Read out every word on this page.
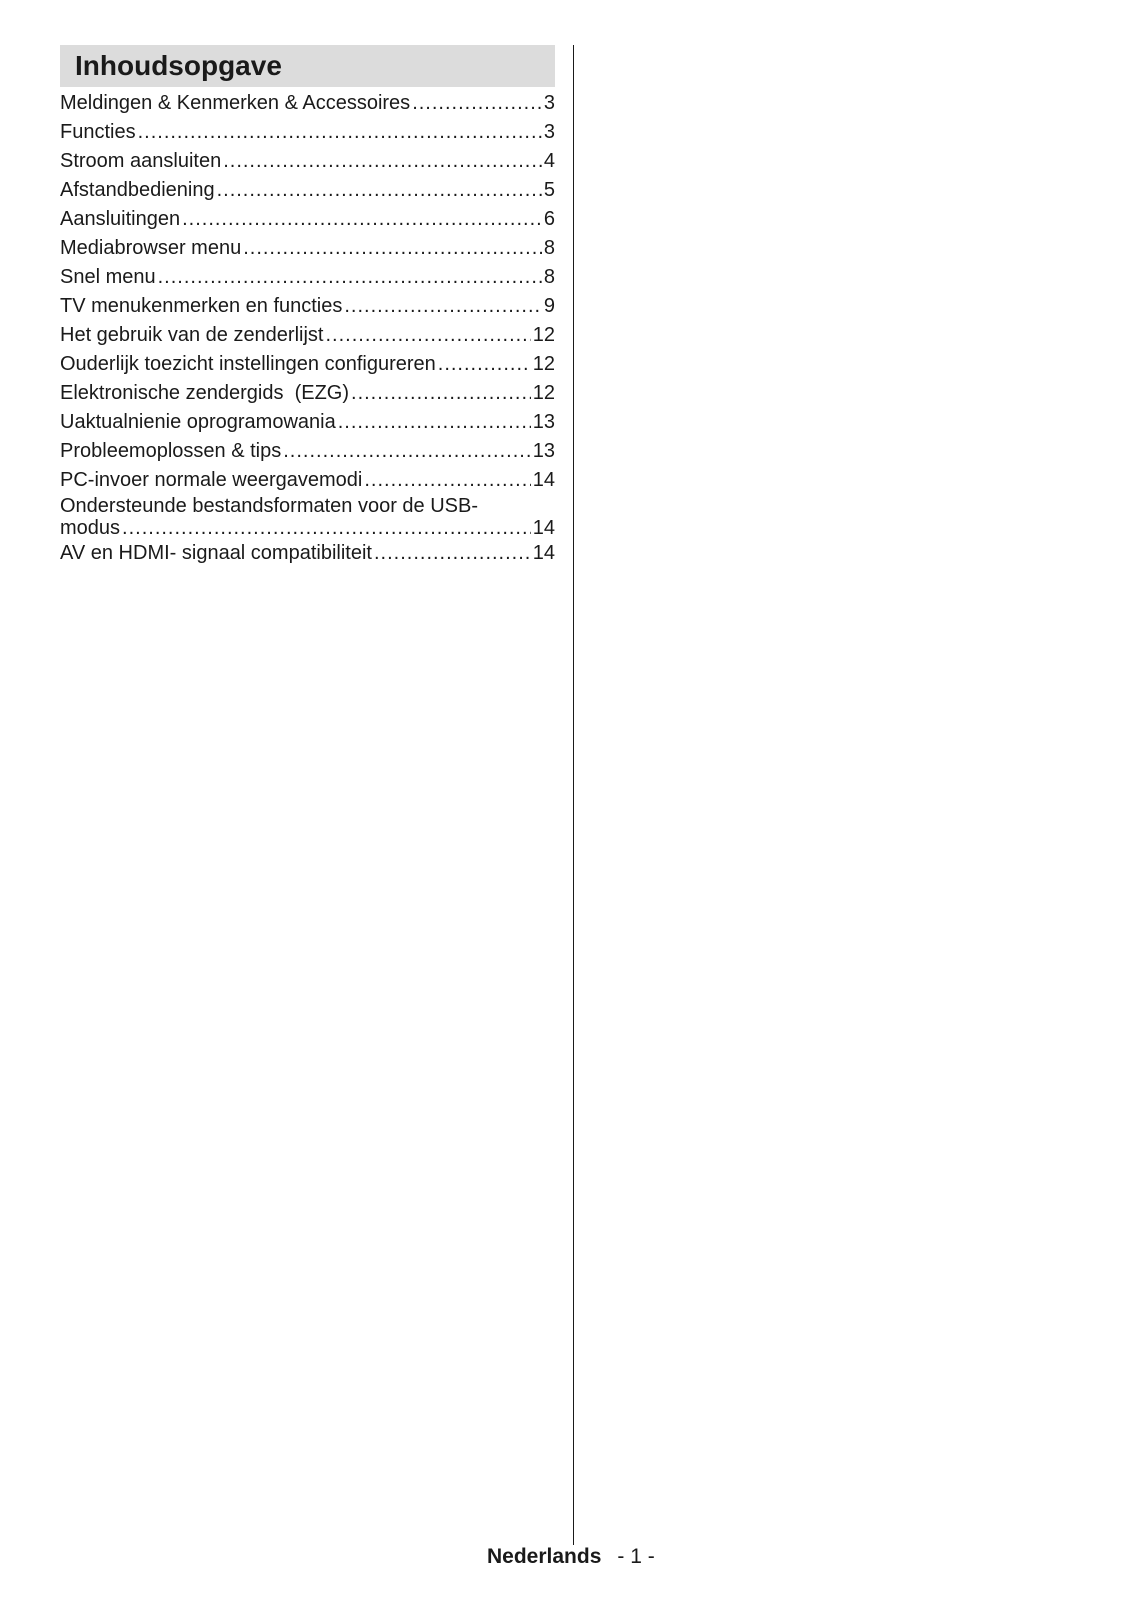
Inhoudsopgave
Meldingen & Kenmerken & Accessoires .....	3
Functies .....	3
Stroom aansluiten .....	4
Afstandbediening .....	5
Aansluitingen .....	6
Mediabrowser menu .....	8
Snel menu .....	8
TV menukenmerken en functies .....	9
Het gebruik van de zenderlijst .....	12
Ouderlijk toezicht instellingen configureren .....	12
Elektronische zendergids  (EZG) .....	12
Uaktualnienie oprogramowania .....	13
Probleemoplossen & tips .....	13
PC-invoer normale weergavemodi .....	14
Ondersteunde bestandsformaten voor de USB-
modus .....	14
AV en HDMI- signaal compatibiliteit .....	14
Nederlands - 1 -
